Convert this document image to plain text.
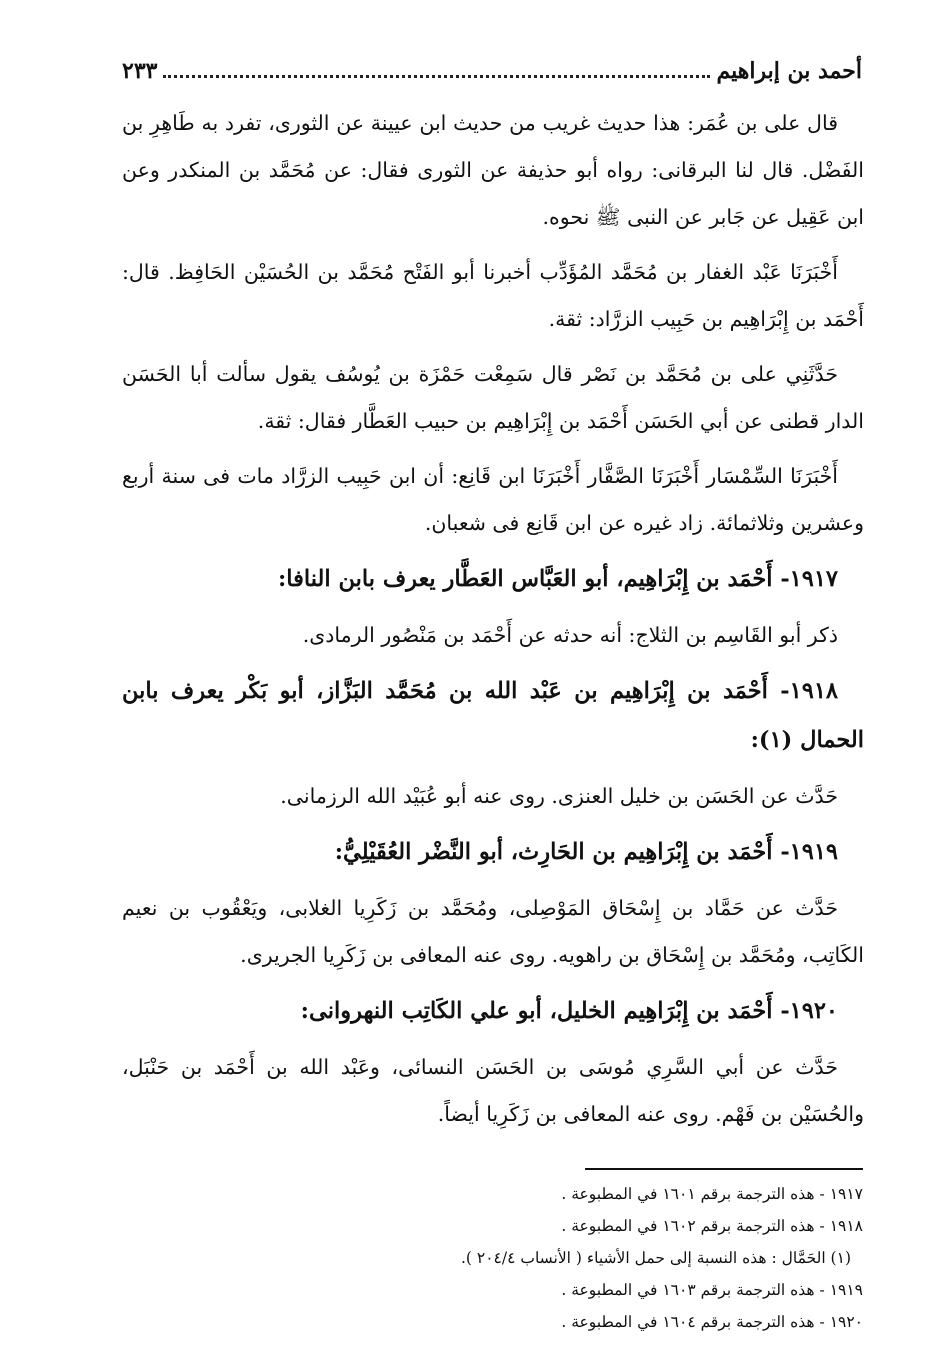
أحمد بن إبراهيم
٢٣٣

قال على بن عُمَر: هذا حديث غريب من حديث ابن عيينة عن الثورى، تفرد به طَاهِرِ بن الفَضْل. قال لنا البرقانى: رواه أبو حذيفة عن الثورى فقال: عن مُحَمَّد بن المنكدر وعن ابن عَقِيل عن جَابر عن النبى ﷺ نحوه.

أَخْبَرَنَا عَبْد الغفار بن مُحَمَّد المُؤَدِّب أخبرنا أبو الفَتْح مُحَمَّد بن الحُسَيْن الحَافِظ. قال: أَحْمَد بن إِبْرَاهِيم بن حَبِيب الزرَّاد: ثقة.

حَدَّثَنِي على بن مُحَمَّد بن نَصْر قال سَمِعْت حَمْزَة بن يُوسُف يقول سألت أبا الحَسَن الدار قطنى عن أبي الحَسَن أَحْمَد بن إِبْرَاهِيم بن حبيب العَطَّار فقال: ثقة.

أَخْبَرَنَا السِّمْسَار أَخْبَرَنَا الصَّفَّار أَخْبَرَنَا ابن قَانِع: أن ابن حَبِيب الزرَّاد مات فى سنة أربع وعشرين وثلاثمائة. زاد غيره عن ابن قَانِع فى شعبان.

١٩١٧- أَحْمَد بن إِبْرَاهِيم، أبو العَبَّاس العَطَّار يعرف بابن النافا:

ذكر أبو القَاسِم بن الثلاج: أنه حدثه عن أَحْمَد بن مَنْصُور الرمادى.

١٩١٨- أَحْمَد بن إِبْرَاهِيم بن عَبْد الله بن مُحَمَّد البَزَّاز، أبو بَكْر يعرف بابن الحمال (١):

حَدَّث عن الحَسَن بن خليل العنزى. روى عنه أبو عُبَيْد الله الرزمانى.

١٩١٩- أَحْمَد بن إِبْرَاهِيم بن الحَارِث، أبو النَّضْر العُقَيْلِيُّ:

حَدَّث عن حَمَّاد بن إِسْحَاق المَوْصِلى، ومُحَمَّد بن زَكَرِيا الغلابى، ويَعْقُوب بن نعيم الكَاتِب، ومُحَمَّد بن إِسْحَاق بن راهويه. روى عنه المعافى بن زَكَرِيا الجريرى.

١٩٢٠- أَحْمَد بن إِبْرَاهِيم الخليل، أبو علي الكَاتِب النهروانى:

حَدَّث عن أبي السَّرِي مُوسَى بن الحَسَن النسائى، وعَبْد الله بن أَحْمَد بن حَنْبَل، والحُسَيْن بن فَهْم. روى عنه المعافى بن زَكَرِيا أيضاً.

١٩١٧ - هذه الترجمة برقم ١٦٠١ في المطبوعة .
١٩١٨ - هذه الترجمة برقم ١٦٠٢ في المطبوعة .
(١) الحَمَّال : هذه النسبة إلى حمل الأشياء ( الأنساب ٢٠٤/٤ ).
١٩١٩ - هذه الترجمة برقم ١٦٠٣ في المطبوعة .
١٩٢٠ - هذه الترجمة برقم ١٦٠٤ في المطبوعة .
